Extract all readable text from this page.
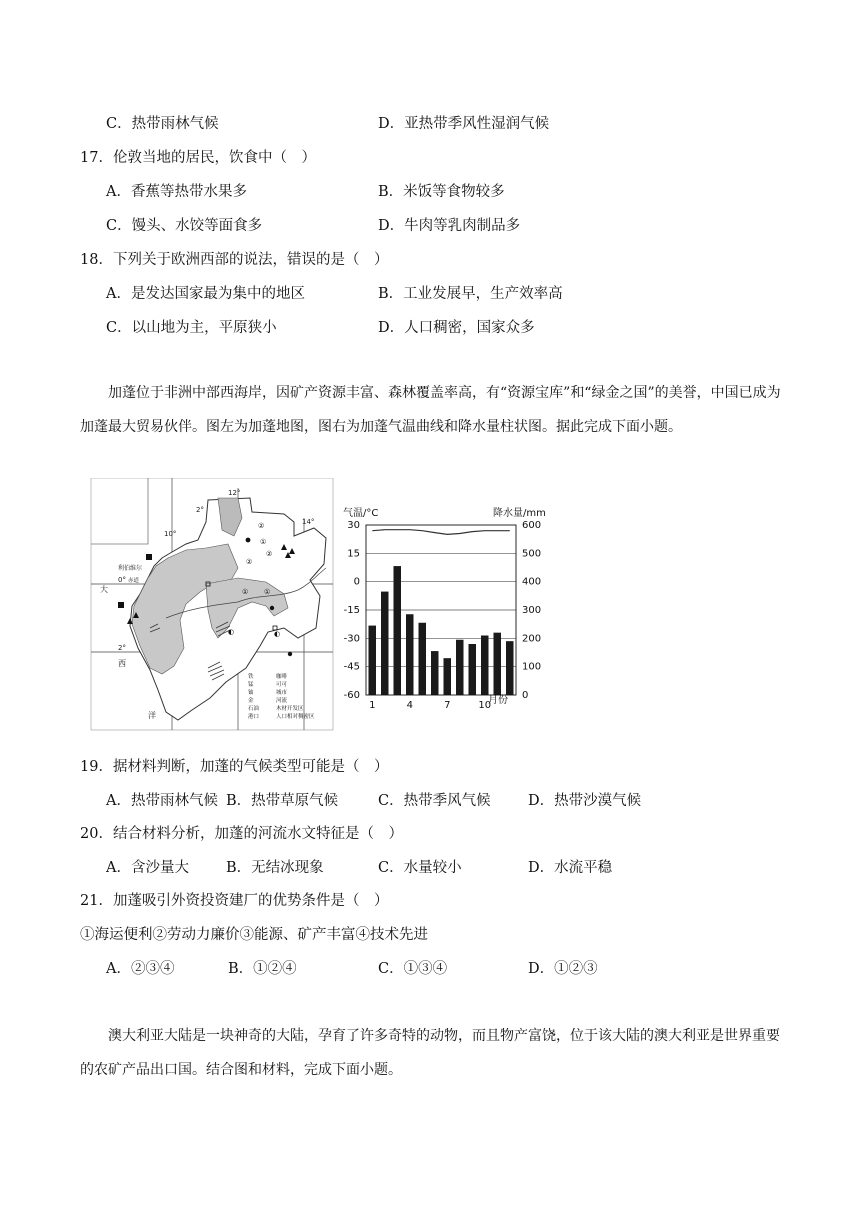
C．热带雨林气候	D．亚热带季风性湿润气候
17．伦敦当地的居民，饮食中（　）
A．香蕉等热带水果多	B．米饭等食物较多
C．馒头、水饺等面食多	D．牛肉等乳肉制品多
18．下列关于欧洲西部的说法，错误的是（　）
A．是发达国家最为集中的地区	B．工业发展早，生产效率高
C．以山地为主，平原狭小	D．人口稠密，国家众多
加蓬位于非洲中部西海岸，因矿产资源丰富、森林覆盖率高，有“资源宝库”和“绿金之国”的美誉，中国已成为加蓬最大贸易伙伴。图左为加蓬地图，图右为加蓬气温曲线和降水量柱状图。据此完成下面小题。
②
②
②
①
①
①
◐	◐
12°
2°
10°
14°
0°
2°
利伯维尔
赤道
大
西
洋
铁	咖啡
锰	可可
铀	城市
金	河流
石油	木材开发区
港口	人口相对稠密区
气温/°C	降水量/mm
月份
30	600
15	500
0	400
-15	300
-30	200
-45	100
-60	0
1	4	7	10
19．据材料判断，加蓬的气候类型可能是（　）
A．热带雨林气候 B．热带草原气候	C．热带季风气候	D．热带沙漠气候
20．结合材料分析，加蓬的河流水文特征是（　）
A．含沙量大	B．无结冰现象	C．水量较小	D．水流平稳
21．加蓬吸引外资投资建厂的优势条件是（　）
①海运便利②劳动力廉价③能源、矿产丰富④技术先进
A．②③④	B．①②④	C．①③④	D．①②③
澳大利亚大陆是一块神奇的大陆，孕育了许多奇特的动物，而且物产富饶，位于该大陆的澳大利亚是世界重要的农矿产品出口国。结合图和材料，完成下面小题。
